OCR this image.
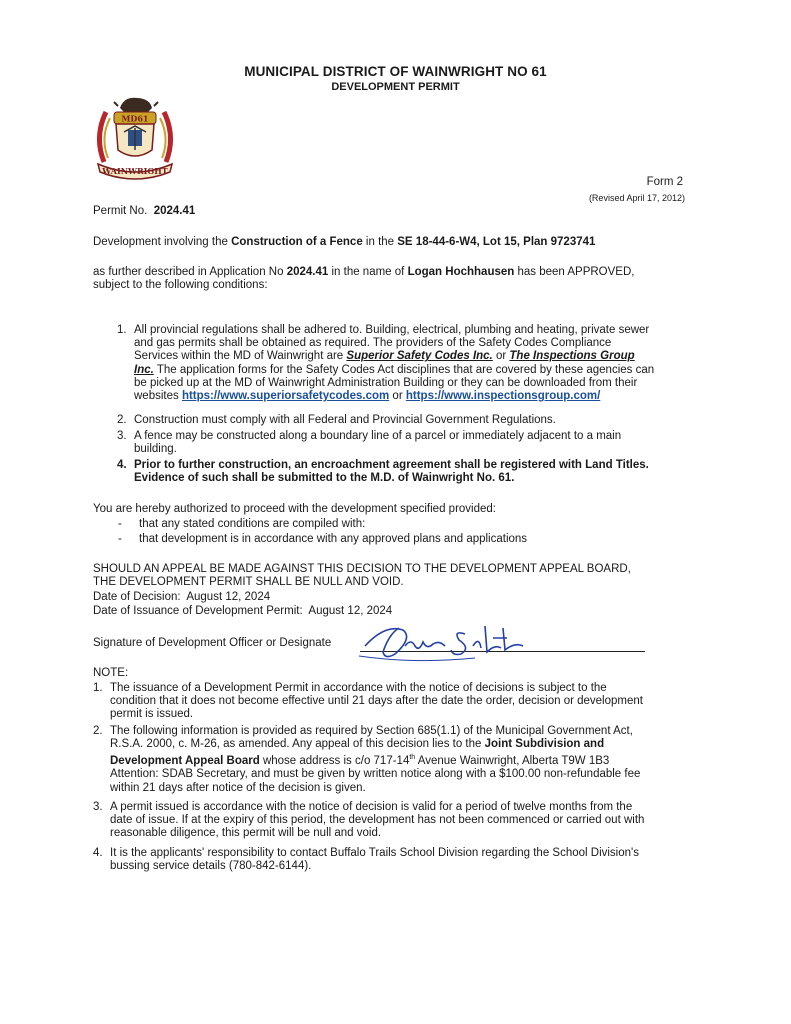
MUNICIPAL DISTRICT OF WAINWRIGHT NO 61
DEVELOPMENT PERMIT
MD61
WAINWRIGHT
Form 2
(Revised April 17, 2012)
Permit No. 2024.41
Development involving the Construction of a Fence in the SE 18-44-6-W4, Lot 15, Plan 9723741
as further described in Application No 2024.41 in the name of Logan Hochhausen has been APPROVED,
subject to the following conditions:
1. All provincial regulations shall be adhered to. Building, electrical, plumbing and heating, private sewer
and gas permits shall be obtained as required. The providers of the Safety Codes Compliance
Services within the MD of Wainwright are Superior Safety Codes Inc. or The Inspections Group
Inc. The application forms for the Safety Codes Act disciplines that are covered by these agencies can
be picked up at the MD of Wainwright Administration Building or they can be downloaded from their
websites https://www.superiorsafetycodes.com or https://www.inspectionsgroup.com/
2. Construction must comply with all Federal and Provincial Government Regulations.
3. A fence may be constructed along a boundary line of a parcel or immediately adjacent to a main
building.
4. Prior to further construction, an encroachment agreement shall be registered with Land Titles.
Evidence of such shall be submitted to the M.D. of Wainwright No. 61.
You are hereby authorized to proceed with the development specified provided:
- that any stated conditions are compiled with:
- that development is in accordance with any approved plans and applications
SHOULD AN APPEAL BE MADE AGAINST THIS DECISION TO THE DEVELOPMENT APPEAL BOARD,
THE DEVELOPMENT PERMIT SHALL BE NULL AND VOID.
Date of Decision: August 12, 2024
Date of Issuance of Development Permit: August 12, 2024
Signature of Development Officer or Designate
NOTE:
1. The issuance of a Development Permit in accordance with the notice of decisions is subject to the
condition that it does not become effective until 21 days after the date the order, decision or development
permit is issued.
2. The following information is provided as required by Section 685(1.1) of the Municipal Government Act,
R.S.A. 2000, c. M-26, as amended. Any appeal of this decision lies to the Joint Subdivision and
Development Appeal Board whose address is c/o 717-14th Avenue Wainwright, Alberta T9W 1B3
Attention: SDAB Secretary, and must be given by written notice along with a $100.00 non-refundable fee
within 21 days after notice of the decision is given.
3. A permit issued is accordance with the notice of decision is valid for a period of twelve months from the
date of issue. If at the expiry of this period, the development has not been commenced or carried out with
reasonable diligence, this permit will be null and void.
4. It is the applicants' responsibility to contact Buffalo Trails School Division regarding the School Division's
bussing service details (780-842-6144).
